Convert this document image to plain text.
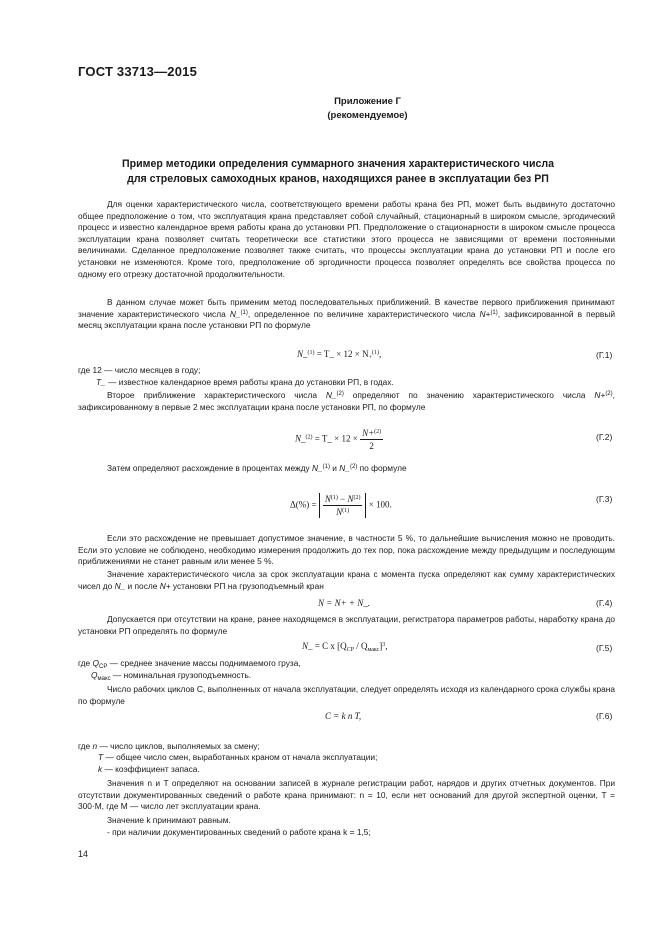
ГОСТ 33713—2015
Приложение Г
(рекомендуемое)
Пример методики определения суммарного значения характеристического числа
для стреловых самоходных кранов, находящихся ранее в эксплуатации без РП
Для оценки характеристического числа, соответствующего времени работы крана без РП, может быть выдвинуто достаточно общее предположение о том, что эксплуатация крана представляет собой случайный, стационарный в широком смысле, эргодический процесс и известно календарное время работы крана до установки РП. Предположение о стационарности в широком смысле процесса эксплуатации крана позволяет считать теоретически все статистики этого процесса не зависящими от времени постоянными величинами. Сделанное предположение позволяет также считать, что процессы эксплуатации крана до установки РП и после его установки не изменяются. Кроме того, предположение об эргодичности процесса позволяет определять все свойства процесса по одному его отрезку достаточной продолжительности.
В данном случае может быть применим метод последовательных приближений. В качестве первого приближения принимают значение характеристического числа N_$^{(1)}$, определенное по величине характеристического числа N+$^{(1)}$, зафиксированной в первый месяц эксплуатации крана после установки РП по формуле
N_$^{(1)}$ = T_ × $12 \times N_+^{(1)}$,	(Г.1)
где 12 — число месяцев в году;
T_ — известное календарное время работы крана до установки РП, в годах.
Второе приближение характеристического числа N_$^{(2)}$ определяют по значению характеристического числа N+$^{(2)}$, зафиксированному в первые 2 мес эксплуатации крана после установки РП, по формуле
N_$^{(2)}$ = T_ × $12 \times \frac{N+^{(2)}}{2}$	(Г.2)
Затем определяют расхождение в процентах между N_$^{(1)}$ и N_$^{(2)}$ по формуле
$\Delta(\%) = \frac{N^{(1)} - N^{(2)}}{N^{(1)}} \times 100$.
(Г.3)
Если это расхождение не превышает допустимое значение, в частности 5 %, то дальнейшие вычисления можно не проводить. Если это условие не соблюдено, необходимо измерения продолжить до тех пор, пока расхождение между предыдущим и последующим приближениями не станет равным или менее 5 %.
Значение характеристического числа за срок эксплуатации крана с момента пуска определяют как сумму характеристических чисел до N_ и после N+ установки РП на грузоподъемный кран
N = N+ + N_.	(Г.4)
Допускается при отсутствии на кране, ранее находящемся в эксплуатации, регистратора параметров работы, наработку крана до установки РП определять по формуле
N_ = C x $[Q_{СР} / Q_{макс}]^3$,	(Г.5)
где $Q_{СР}$ — среднее значение массы поднимаемого груза,
$Q_{макс}$ — номинальная грузоподъемность.
Число рабочих циклов C, выполненных от начала эксплуатации, следует определять исходя из календарного срока службы крана по формуле
C = k n T,	(Г.6)
где n — число циклов, выполняемых за смену;
T — общее число смен, выработанных краном от начала эксплуатации;
k — коэффициент запаса.
Значения n и T определяют на основании записей в журнале регистрации работ, нарядов и других отчетных документов. При отсутствии документированных сведений о работе крана принимают: n = 10, если нет оснований для другой экспертной оценки, T = 300·M, где M — число лет эксплуатации крана.
Значение k принимают равным.
- при наличии документированных сведений о работе крана k = 1,5;
14
